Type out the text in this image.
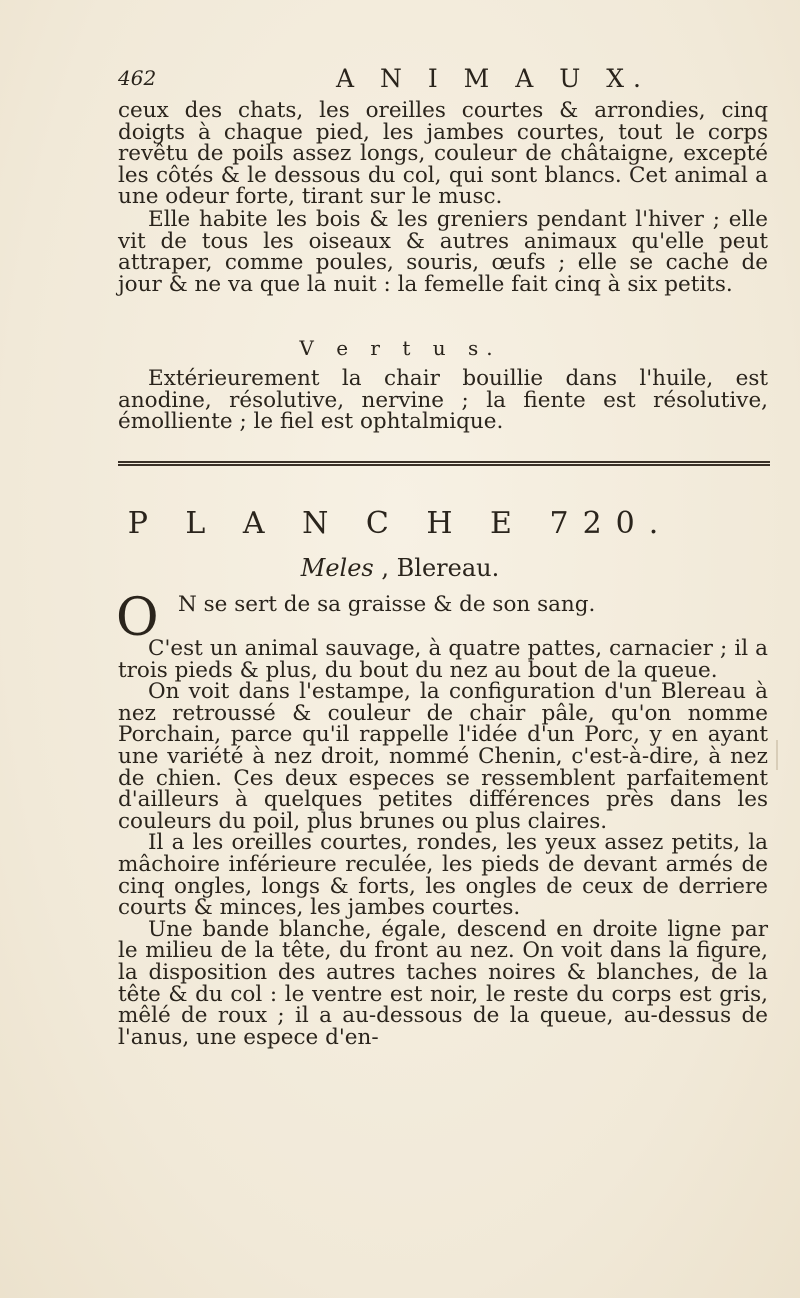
462	A N I M A U X.

ceux des chats, les oreilles courtes & arrondies, cinq doigts à chaque pied, les jambes courtes, tout le corps revêtu de poils assez longs, couleur de châtaigne, excepté les côtés & le dessous du col, qui sont blancs. Cet animal a une odeur forte, tirant sur le musc.

Elle habite les bois & les greniers pendant l'hiver ; elle vit de tous les oiseaux & autres animaux qu'elle peut attraper, comme poules, souris, œufs ; elle se cache de jour & ne va que la nuit : la femelle fait cinq à six petits.

V e r t u s.

Extérieurement la chair bouillie dans l'huile, est anodine, résolutive, nervine ; la fiente est résolutive, émolliente ; le fiel est ophtalmique.

P L A N C H E 720.
Meles , Blereau.
O N se sert de sa graisse & de son sang.

C'est un animal sauvage, à quatre pattes, carnacier ; il a trois pieds & plus, du bout du nez au bout de la queue.

On voit dans l'estampe, la configuration d'un Blereau à nez retroussé & couleur de chair pâle, qu'on nomme Porchain, parce qu'il rappelle l'idée d'un Porc, y en ayant une variété à nez droit, nommé Chenin, c'est-à-dire, à nez de chien. Ces deux especes se ressemblent parfaitement d'ailleurs à quelques petites différences près dans les couleurs du poil, plus brunes ou plus claires.

Il a les oreilles courtes, rondes, les yeux assez petits, la mâchoire inférieure reculée, les pieds de devant armés de cinq ongles, longs & forts, les ongles de ceux de derriere courts & minces, les jambes courtes.

Une bande blanche, égale, descend en droite ligne par le milieu de la tête, du front au nez. On voit dans la figure, la disposition des autres taches noires & blanches, de la tête & du col : le ventre est noir, le reste du corps est gris, mêlé de roux ; il a au-dessous de la queue, au-dessus de l'anus, une espece d'en-
